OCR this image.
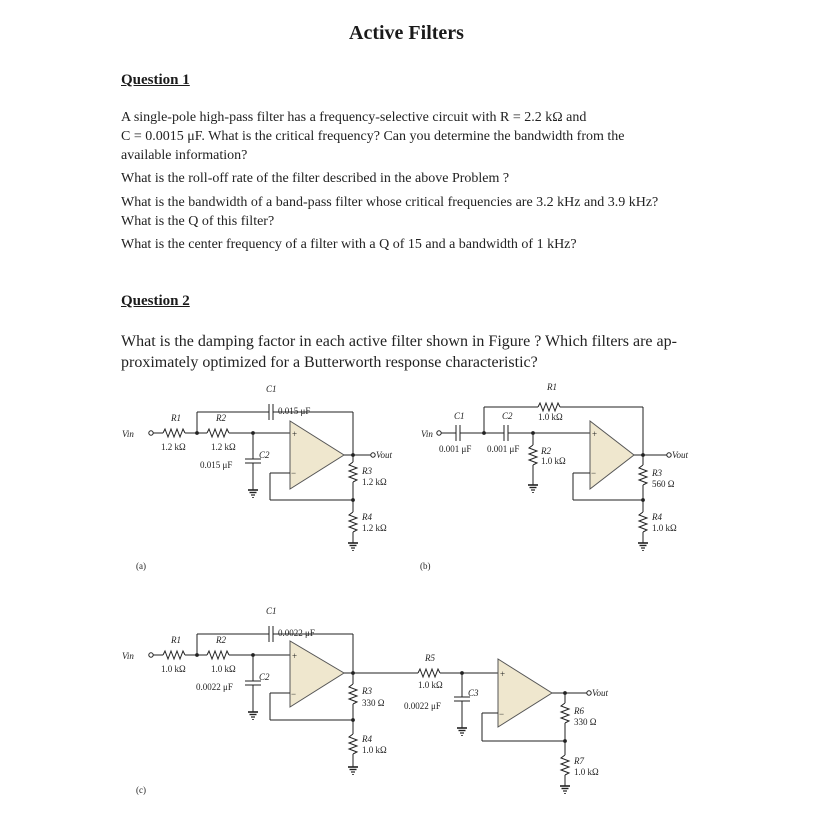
Active Filters
Question 1
A single-pole high-pass filter has a frequency-selective circuit with R = 2.2 kΩ and
C = 0.0015 μF. What is the critical frequency? Can you determine the bandwidth from the
available information?
What is the roll-off rate of the filter described in the above Problem ?
What is the bandwidth of a band-pass filter whose critical frequencies are 3.2 kHz and 3.9 kHz?
What is the Q of this filter?
What is the center frequency of a filter with a Q of 15 and a bandwidth of 1 kHz?
Question 2
What is the damping factor in each active filter shown in Figure ? Which filters are ap-
proximately optimized for a Butterworth response characteristic?
+
−
Vin
Vout
R1
1.2 kΩ
R2
1.2 kΩ
C1
0.015 μF
C2
0.015 μF
R3
1.2 kΩ
R4
1.2 kΩ
(a)
+
−
Vin
Vout
C1
0.001 μF
C2
0.001 μF
R1
1.0 kΩ
R2
1.0 kΩ
R3
560 Ω
R4
1.0 kΩ
(b)
+
−
+
−
Vin
Vout
R1
1.0 kΩ
R2
1.0 kΩ
C1
0.0022 μF
C2
0.0022 μF	R3
330 Ω
R4
1.0 kΩ
R5
1.0 kΩ
C3
0.0022 μF	R6
330 Ω
R7
1.0 kΩ
(c)
